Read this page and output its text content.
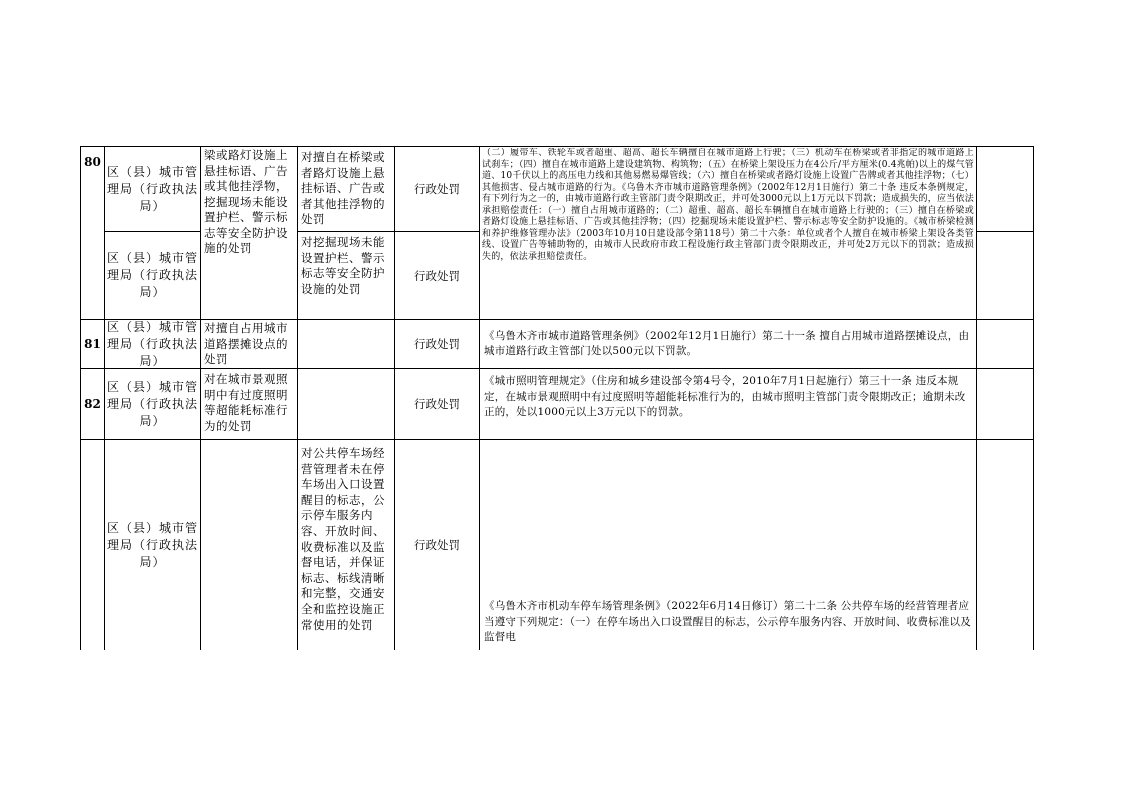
80
区（县）城市管理局（行政执法局）
区（县）城市管理局（行政执法局）
梁或路灯设施上悬挂标语、广告或其他挂浮物，挖掘现场未能设置护栏、警示标志等安全防护设施的处罚
对擅自在桥梁或者路灯设施上悬挂标语、广告或者其他挂浮物的处罚
对挖掘现场未能设置护栏、警示标志等安全防护设施的处罚
行政处罚
行政处罚
（二）履带车、铁轮车或者超重、超高、超长车辆擅自在城市道路上行驶；（三）机动车在桥梁或者非指定的城市道路上试刹车；（四）擅自在城市道路上建设建筑物、构筑物；（五）在桥梁上架设压力在4公斤/平方厘米(0.4兆帕)以上的煤气管道、10千伏以上的高压电力线和其他易燃易爆管线；（六）擅自在桥梁或者路灯设施上设置广告牌或者其他挂浮物；（七）其他损害、侵占城市道路的行为。《乌鲁木齐市城市道路管理条例》（2002年12月1日施行）第二十条 违反本条例规定，有下列行为之一的，由城市道路行政主管部门责令限期改正，并可处3000元以上1万元以下罚款；造成损失的，应当依法承担赔偿责任：（一）擅自占用城市道路的；（二）超重、超高、超长车辆擅自在城市道路上行驶的；（三）擅自在桥梁或者路灯设施上悬挂标语、广告或其他挂浮物；（四）挖掘现场未能设置护栏、警示标志等安全防护设施的。《城市桥梁检测和养护维修管理办法》（2003年10月10日建设部令第118号）第二十六条：单位或者个人擅自在城市桥梁上架设各类管线、设置广告等辅助物的，由城市人民政府市政工程设施行政主管部门责令限期改正，并可处2万元以下的罚款；造成损失的，依法承担赔偿责任。
81
区（县）城市管理局（行政执法局）
对擅自占用城市道路摆摊设点的处罚
行政处罚
《乌鲁木齐市城市道路管理条例》（2002年12月1日施行）第二十一条 擅自占用城市道路摆摊设点，由城市道路行政主管部门处以500元以下罚款。
82
区（县）城市管理局（行政执法局）
对在城市景观照明中有过度照明等超能耗标准行为的处罚
行政处罚
《城市照明管理规定》（住房和城乡建设部令第4号令，2010年7月1日起施行）第三十一条 违反本规定，在城市景观照明中有过度照明等超能耗标准行为的，由城市照明主管部门责令限期改正；逾期未改正的，处以1000元以上3万元以下的罚款。
区（县）城市管理局（行政执法局）
对公共停车场经营管理者未在停车场出入口设置醒目的标志，公示停车服务内容、开放时间、收费标准以及监督电话，并保证标志、标线清晰和完整，交通安全和监控设施正常使用的处罚
行政处罚
《乌鲁木齐市机动车停车场管理条例》（2022年6月14日修订）第二十二条 公共停车场的经营管理者应当遵守下列规定：（一）在停车场出入口设置醒目的标志，公示停车服务内容、开放时间、收费标准以及监督电
